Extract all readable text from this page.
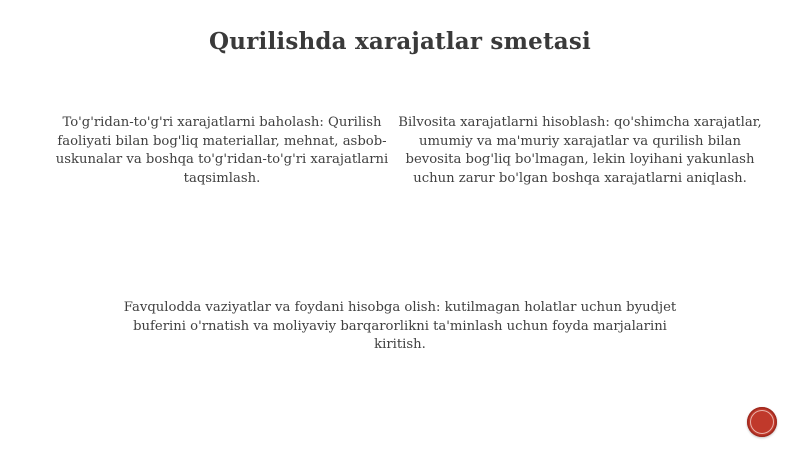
Qurilishda xarajatlar smetasi
To'g'ridan-to'g'ri xarajatlarni baholash: Qurilish faoliyati bilan bog'liq materiallar, mehnat, asbob-uskunalar va boshqa to'g'ridan-to'g'ri xarajatlarni taqsimlash.
Bilvosita xarajatlarni hisoblash: qo'shimcha xarajatlar, umumiy va ma'muriy xarajatlar va qurilish bilan bevosita bog'liq bo'lmagan, lekin loyihani yakunlash uchun zarur bo'lgan boshqa xarajatlarni aniqlash.
Favqulodda vaziyatlar va foydani hisobga olish: kutilmagan holatlar uchun byudjet buferini o'rnatish va moliyaviy barqarorlikni ta'minlash uchun foyda marjalarini kiritish.
